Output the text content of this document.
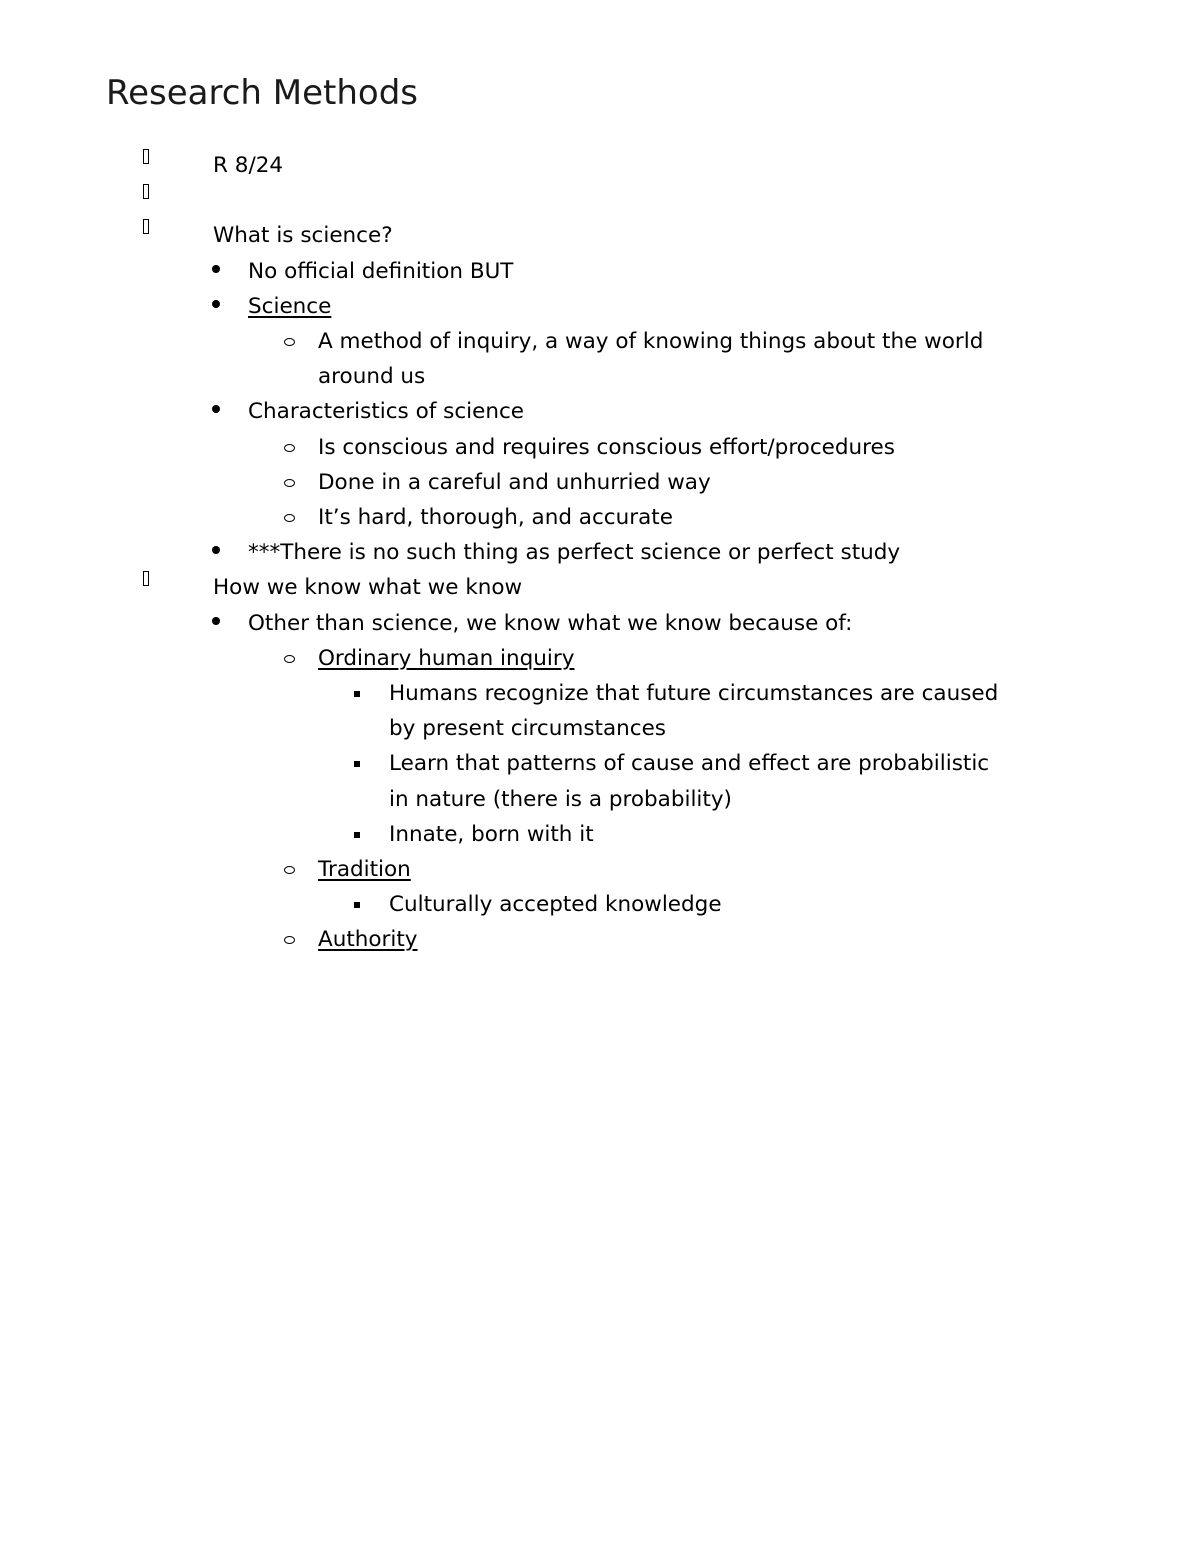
Research Methods
R 8/24
What is science?
No official definition BUT
Science
A method of inquiry, a way of knowing things about the world
around us
Characteristics of science
Is conscious and requires conscious effort/procedures
Done in a careful and unhurried way
It’s hard, thorough, and accurate
***There is no such thing as perfect science or perfect study
How we know what we know
Other than science, we know what we know because of:
Ordinary human inquiry
Humans recognize that future circumstances are caused
by present circumstances
Learn that patterns of cause and effect are probabilistic
in nature (there is a probability)
Innate, born with it
Tradition
Culturally accepted knowledge
Authority
